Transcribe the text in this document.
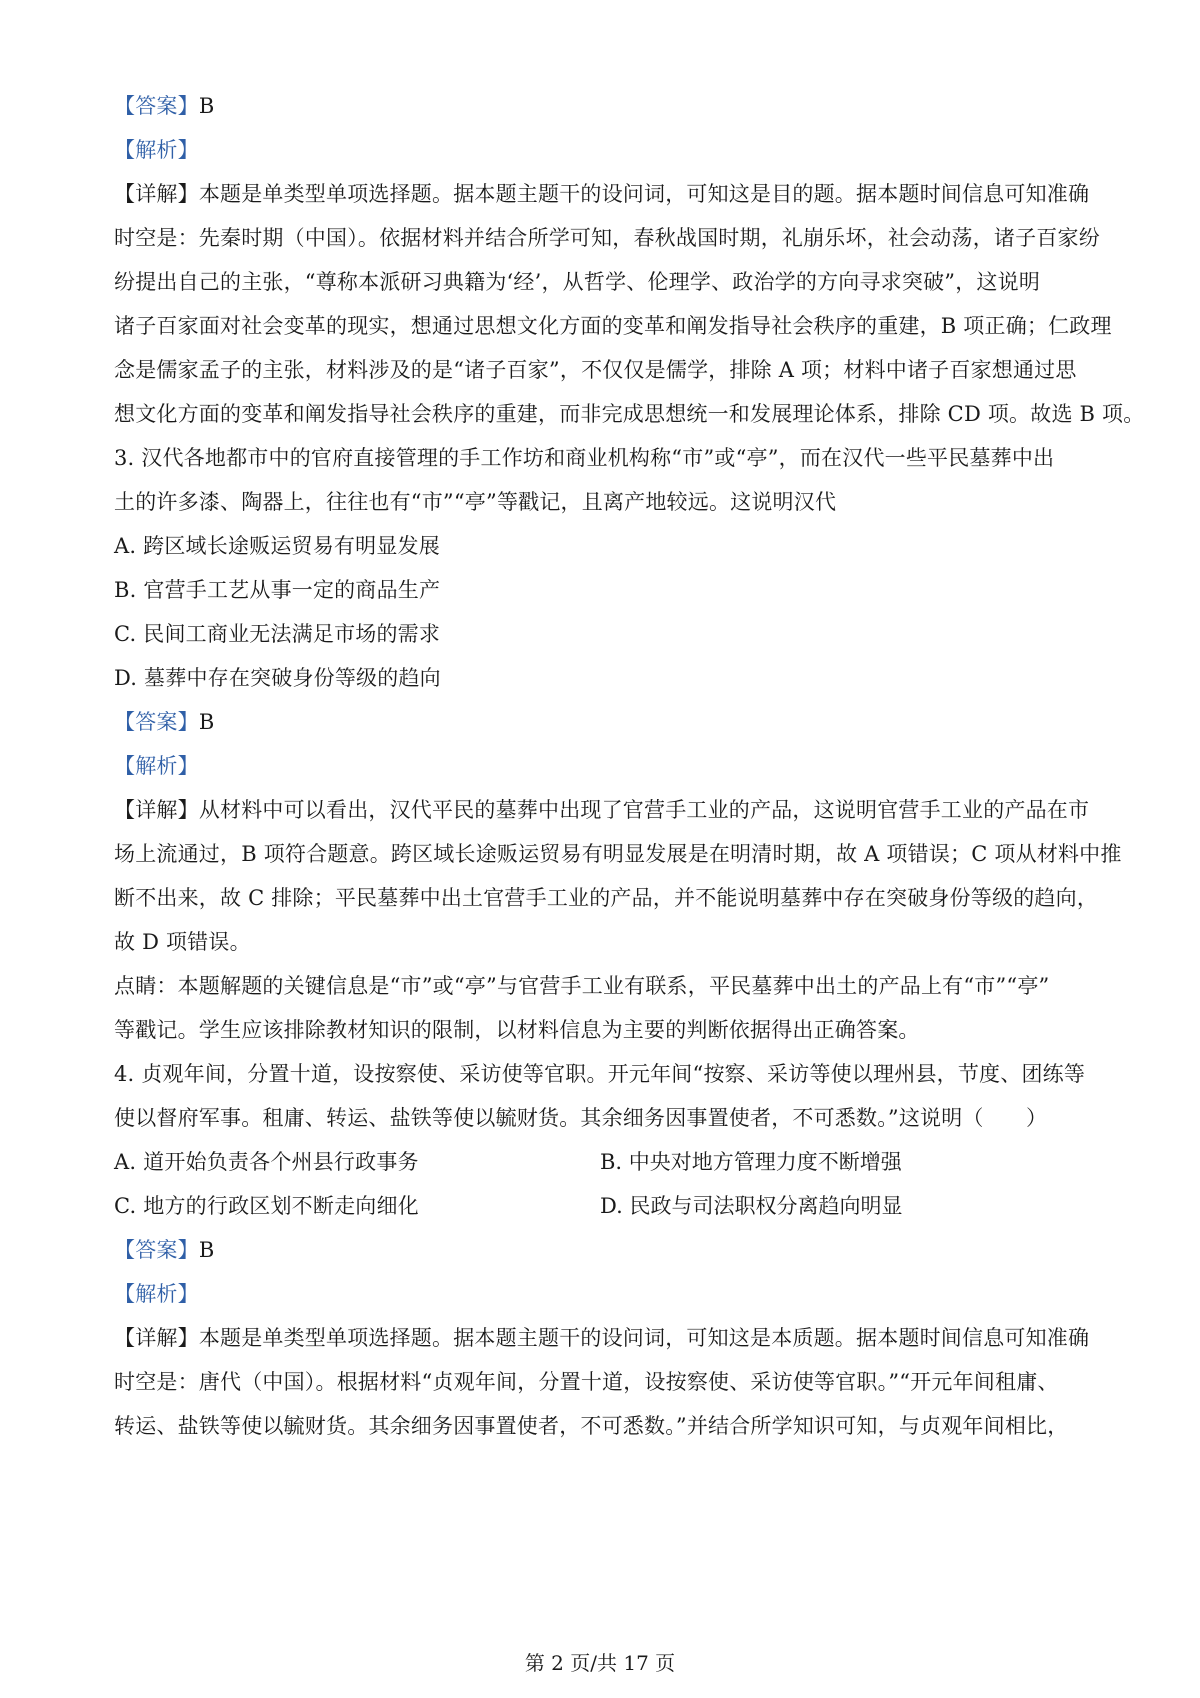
【答案】B
【解析】
【详解】本题是单类型单项选择题。据本题主题干的设问词，可知这是目的题。据本题时间信息可知准确
时空是：先秦时期（中国）。依据材料并结合所学可知，春秋战国时期，礼崩乐坏，社会动荡，诸子百家纷
纷提出自己的主张，“尊称本派研习典籍为‘经’，从哲学、伦理学、政治学的方向寻求突破”，这说明
诸子百家面对社会变革的现实，想通过思想文化方面的变革和阐发指导社会秩序的重建，B 项正确；仁政理
念是儒家孟子的主张，材料涉及的是“诸子百家”，不仅仅是儒学，排除 A 项；材料中诸子百家想通过思
想文化方面的变革和阐发指导社会秩序的重建，而非完成思想统一和发展理论体系，排除 CD 项。故选 B 项。
3. 汉代各地都市中的官府直接管理的手工作坊和商业机构称“市”或“亭”，而在汉代一些平民墓葬中出
土的许多漆、陶器上，往往也有“市”“亭”等戳记，且离产地较远。这说明汉代
A. 跨区域长途贩运贸易有明显发展
B. 官营手工艺从事一定的商品生产
C. 民间工商业无法满足市场的需求
D. 墓葬中存在突破身份等级的趋向
【答案】B
【解析】
【详解】从材料中可以看出，汉代平民的墓葬中出现了官营手工业的产品，这说明官营手工业的产品在市
场上流通过，B 项符合题意。跨区域长途贩运贸易有明显发展是在明清时期，故 A 项错误；C 项从材料中推
断不出来，故 C 排除；平民墓葬中出土官营手工业的产品，并不能说明墓葬中存在突破身份等级的趋向，
故 D 项错误。
点睛：本题解题的关键信息是“市”或“亭”与官营手工业有联系，平民墓葬中出土的产品上有“市”“亭”
等戳记。学生应该排除教材知识的限制，以材料信息为主要的判断依据得出正确答案。
4. 贞观年间，分置十道，设按察使、采访使等官职。开元年间“按察、采访等使以理州县，节度、团练等
使以督府军事。租庸、转运、盐铁等使以毓财货。其余细务因事置使者，不可悉数。”这说明（　　）
A. 道开始负责各个州县行政事务	B. 中央对地方管理力度不断增强
C. 地方的行政区划不断走向细化	D. 民政与司法职权分离趋向明显
【答案】B
【解析】
【详解】本题是单类型单项选择题。据本题主题干的设问词，可知这是本质题。据本题时间信息可知准确
时空是：唐代（中国）。根据材料“贞观年间，分置十道，设按察使、采访使等官职。”“开元年间租庸、
转运、盐铁等使以毓财货。其余细务因事置使者，不可悉数。”并结合所学知识可知，与贞观年间相比，
第 2 页/共 17 页
